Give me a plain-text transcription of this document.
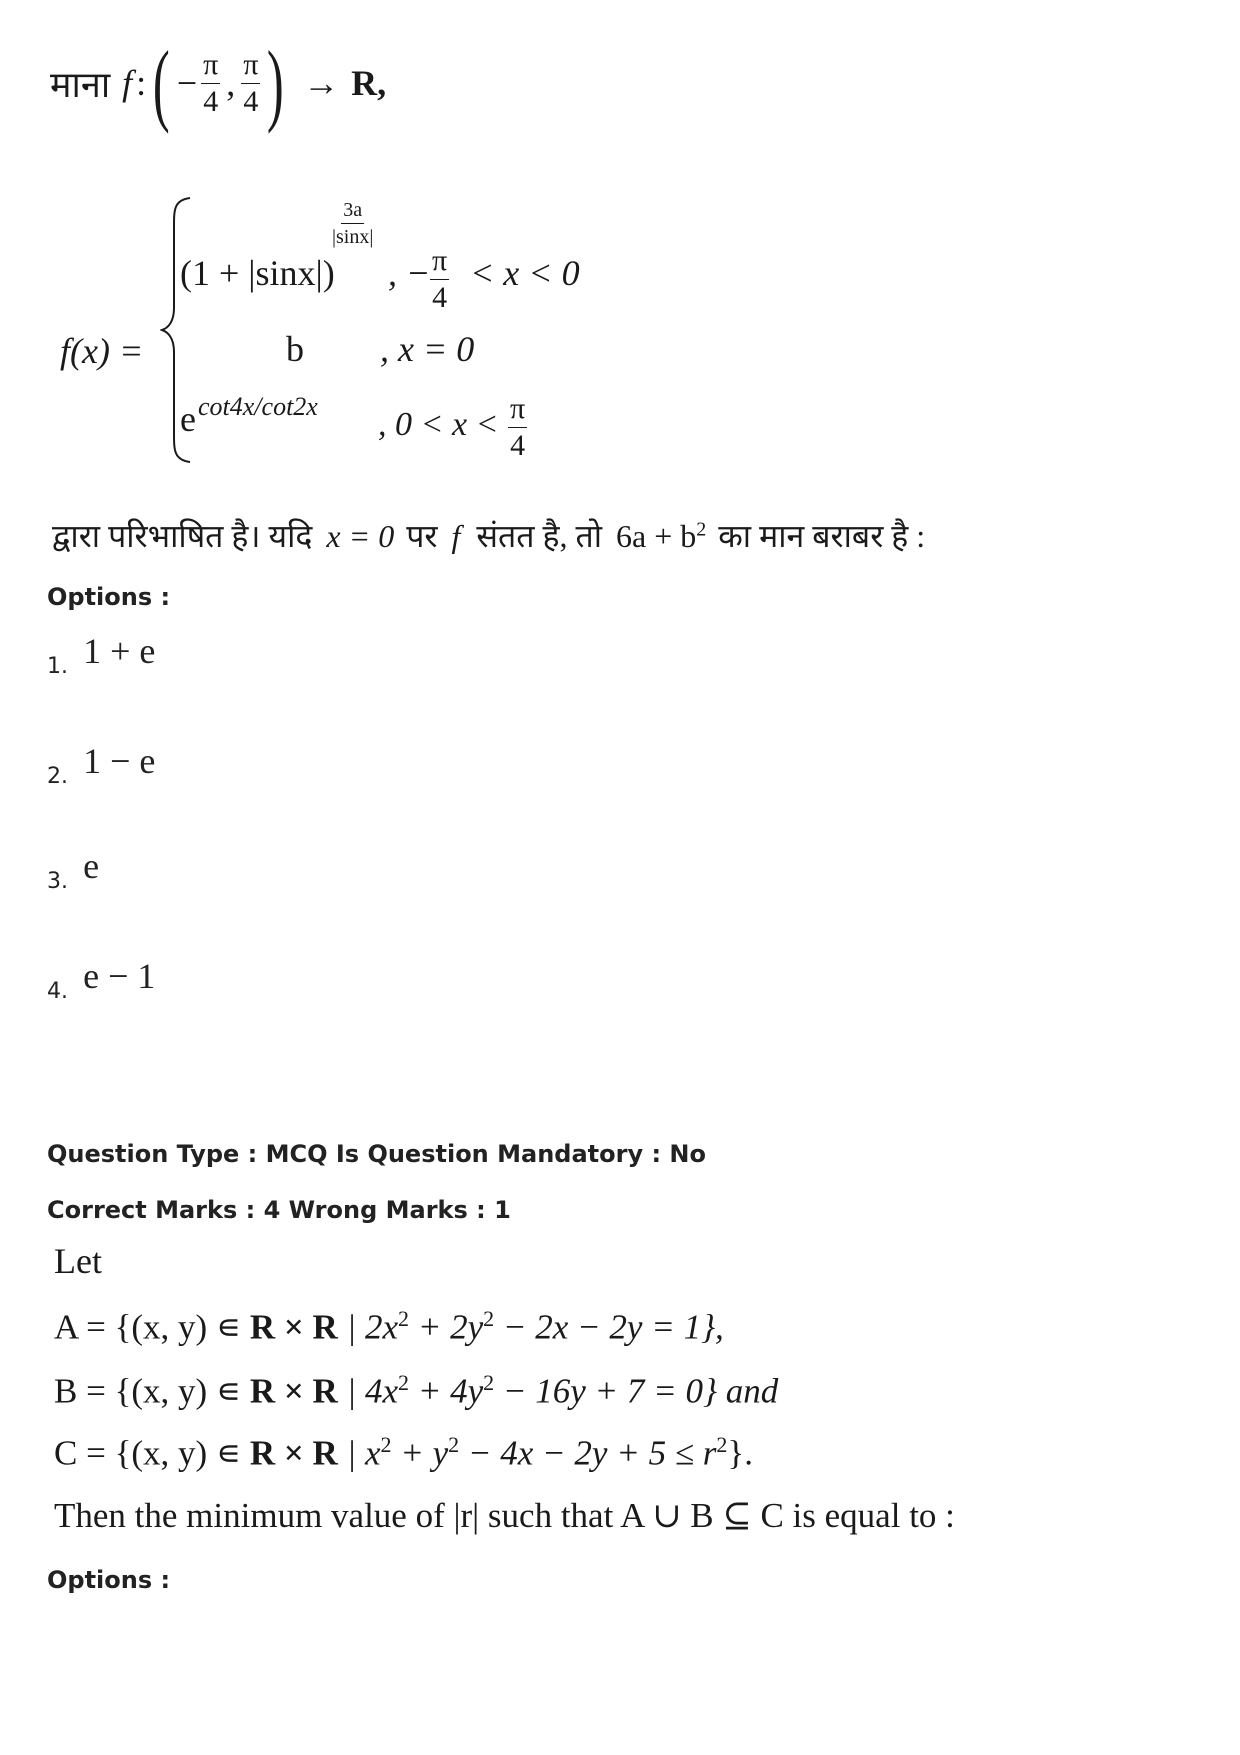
माना f : ( − $\frac{\pi}{4}$ , $\frac{\pi}{4}$ ) → R,
f(x) =
(1 + |sinx|)
$\frac{3a}{|\sin x|}$
, − $\frac{\pi}{4} < x < 0$
b , x = 0
e cot4x/cot2x , $0 < x < \frac{\pi}{4}$
द्वारा परिभाषित है। यदि x = 0 पर f संतत है, तो $6a + b^2$ का मान बराबर है :
Options :
1. 1 + e
2. 1 − e
3. e
4. e − 1
Question Type : MCQ Is Question Mandatory : No
Correct Marks : 4 Wrong Marks : 1
Let
A = {(x, y) ∊ R × R | $2x^2 + 2y^2 - 2x - 2y = 1$},
B = {(x, y) ∊ R × R | $4x^2 + 4y^2 - 16y + 7 = 0$} and
C = {(x, y) ∊ R × R | $x^2 + y^2 - 4x - 2y + 5 \le r^2$}.
Then the minimum value of |r| such that A ∪ B ⊆ C is equal to :
Options :
